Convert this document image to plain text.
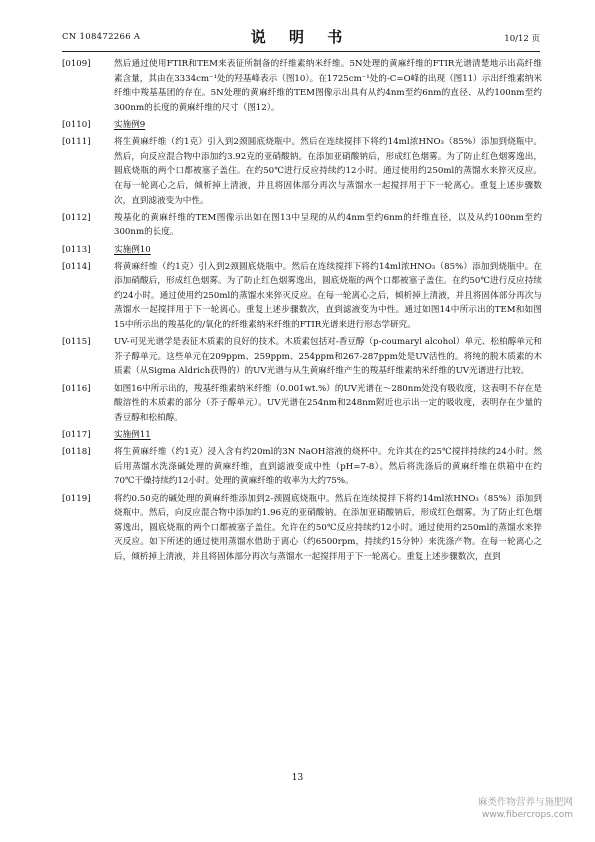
CN 108472266 A	说 明 书	10/12 页
[0109]	然后通过使用FTIR和TEM来表征所制备的纤维素纳米纤维。5N处理的黄麻纤维的FTIR光谱清楚地示出高纤维素含量，其由在3334cm⁻¹处的羟基峰表示（图10）。在1725cm⁻¹处的-C=O峰的出现（图11）示出纤维素纳米纤维中羧基基团的存在。5N处理的黄麻纤维的TEM图像示出具有从约4nm至约6nm的直径、从约100nm至约300nm的长度的黄麻纤维的尺寸（图12）。
[0110]	实施例9
[0111]	将生黄麻纤维（约1克）引入到2颈圆底烧瓶中。然后在连续搅拌下将约14ml浓HNO₃（85%）添加到烧瓶中。然后，向反应混合物中添加约3.92克的亚硝酸钠。在添加亚硝酸钠后，形成红色烟雾。为了防止红色烟雾逸出，圆底烧瓶的两个口都被塞子盖住。在约50℃进行反应持续约12小时。通过使用约250ml的蒸馏水来猝灭反应。在每一轮离心之后，倾析掉上清液，并且将固体部分再次与蒸馏水一起搅拌用于下一轮离心。重复上述步骤数次，直到滤液变为中性。
[0112]	羧基化的黄麻纤维的TEM图像示出如在图13中呈现的从约4nm至约6nm的纤维直径，以及从约100nm至约300nm的长度。
[0113]	实施例10
[0114]	将黄麻纤维（约1克）引入到2颈圆底烧瓶中。然后在连续搅拌下将约14ml浓HNO₃（85%）添加到烧瓶中。在添加硝酸后，形成红色烟雾。为了防止红色烟雾逸出，圆底烧瓶的两个口都被塞子盖住。在约50℃进行反应持续约24小时。通过使用约250ml的蒸馏水来猝灭反应。在每一轮离心之后，倾析掉上清液，并且将固体部分再次与蒸馏水一起搅拌用于下一轮离心。重复上述步骤数次，直到滤液变为中性。通过如图14中所示出的TEM和如图15中所示出的羧基化的/氧化的纤维素纳米纤维的FTIR光谱来进行形态学研究。
[0115]	UV-可见光谱学是表征木质素的良好的技术。木质素包括对-香豆醇（p-coumaryl alcohol）单元、松柏醇单元和芥子醇单元。这些单元在209ppm、259ppm、254ppm和267-287ppm处是UV活性的。将纯的脱木质素的木质素（从Sigma Aldrich获得的）的UV光谱与从生黄麻纤维产生的羧基纤维素纳米纤维的UV光谱进行比较。
[0116]	如图16中所示出的，羧基纤维素纳米纤维（0.001wt.%）的UV光谱在～280nm处没有吸收度，这表明不存在是酸溶性的木质素的部分（芥子醇单元）。UV光谱在254nm和248nm附近也示出一定的吸收度，表明存在少量的香豆醇和松柏醇。
[0117]	实施例11
[0118]	将生黄麻纤维（约1克）浸入含有约20ml的3N NaOH溶液的烧杯中。允许其在约25℃搅拌持续约24小时。然后用蒸馏水洗涤碱处理的黄麻纤维，直到滤液变成中性（pH=7-8）。然后将洗涤后的黄麻纤维在烘箱中在约70℃干燥持续约12小时。处理的黄麻纤维的收率为大约75%。
[0119]	将约0.50克的碱处理的黄麻纤维添加到2-颈圆底烧瓶中。然后在连续搅拌下将约14ml浓HNO₃（85%）添加到烧瓶中。然后，向反应混合物中添加约1.96克的亚硝酸钠。在添加亚硝酸钠后，形成红色烟雾。为了防止红色烟雾逸出，圆底烧瓶的两个口都被塞子盖住。允许在约50℃反应持续约12小时。通过使用约250ml的蒸馏水来猝灭反应。如下所述的通过使用蒸馏水借助于离心（约6500rpm，持续约15分钟）来洗涤产物。在每一轮离心之后，倾析掉上清液，并且将固体部分再次与蒸馏水一起搅拌用于下一轮离心。重复上述步骤数次，直到
13
麻类作物营养与施肥网
www.fibercrops.com
